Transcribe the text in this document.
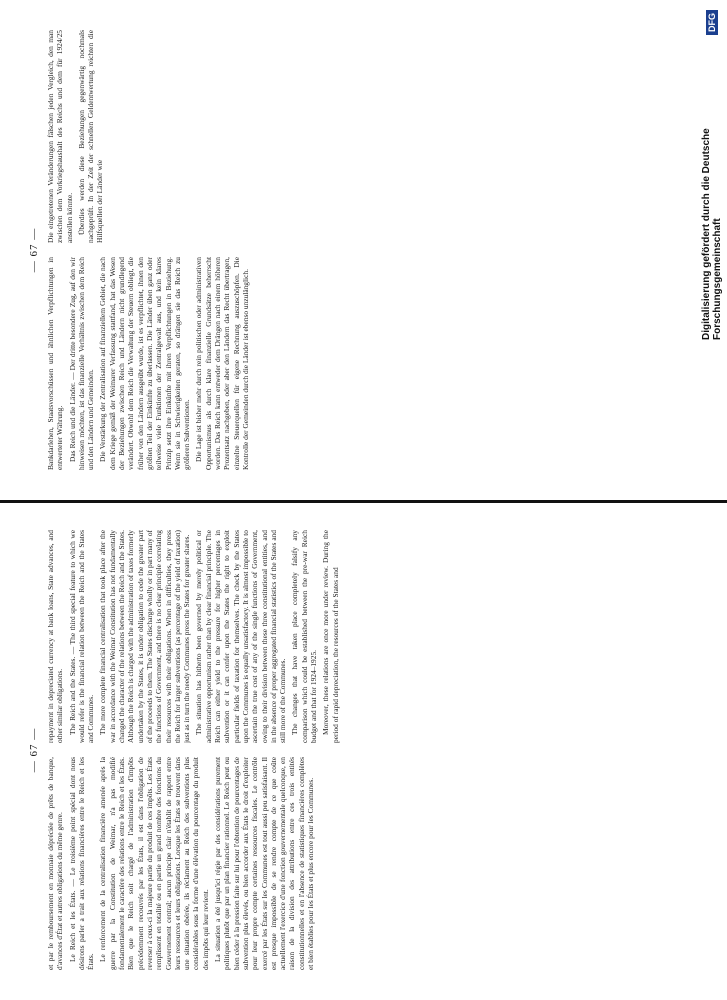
— 67 —

et par le remboursement en monnaie dépréciée de prêts de banque, d'avances d'État et autres obligations du même genre. Le Reich et les États. — Le troisième point spécial dont nous désirons parler a trait aux relations financières entre le Reich et les États. Le renforcement de la centralisation financière amenée après la guerre par la Constitution de Weimar, n'a pas modifié fondamentalement le caractère des relations entre le Reich et les États. Bien que le Reich soit chargé de l'administration d'impôts précédemment recouvrés par les États, il est dans l'obligation de reverser à ceux-ci la majeure partie du produit de ces impôts. Les États remplissent en totalité ou en partie un grand nombre des fonctions du Gouvernement central; aucun principe clair n'établit de rapport entre leurs ressources et leurs obligations. Lorsque les États se trouvent dans une situation obérée, ils réclament au Reich des subventions plus considérables sous la forme d'une élévation du pourcentage du produit des impôts qui leur revient. La situation a été jusqu'ici régie par des considérations purement politiques plutôt que par un plan financier rationnel. Le Reich peut ou bien céder à la pression faite sur lui pour l'obtention de pourcentages de subvention plus élevés, ou bien accorder aux États le droit d'exploiter pour leur propre compte certaines ressources fiscales. Le contrôle exercé par les États sur les Communes est tout aussi peu satisfaisant. Il est presque impossible de se rendre compte de ce que coûte actuellement l'exercice d'une fonction gouvernementale quelconque, en raison de la division des attributions entre ces trois entités constitutionnelles et en l'absence de statistiques financières complètes et bien établies pour les États et plus encore pour les Communes.

repayment in depreciated currency at bank loans, State advances, and other similar obligations. The Reich and the States. — The third special feature to which we would refer is the financial relation between the Reich and the States and Communes. The more complete financial centralisation that took place after the war in accordance with the Weimar Constitution has not fundamentally changed the character of the relations between the Reich and the States. Although the Reich is charged with the administration of taxes formerly undertaken by the States, it is under obligation to cede the greater part of the proceeds to them. The States discharge wholly or in part many of the functions of Government, and there is no clear principle correlating their resources with their obligations. When in difficulties, they press the Reich for larger subventions (as percentage of the yield of taxation) just as in turn the needy Communes press the States for greater shares. The situation has hitherto been governed by merely political or administrative opportunism rather than by clear financial principle. The Reich can either yield to the pressure for higher percentages in subvention or it can confer upon the States the right to exploit particular fields of taxation for themselves. The check by the States upon the Communes is equally unsatisfactory. It is almost impossible to ascertain the true cost of any of the single functions of Government, owing to their division between these three constitutional entities, and in the absence of proper aggregated financial statistics of the States and still more of the Communes. The changes that have taken place completely falsify any comparison which could be established between the pre-war Reich budget and that for 1924–1925. Moreover, these relations are once more under review. During the period of rapid depreciation, the resources of the States and

— 67 —

Bankdarlehen, Staatsvorschüssen und ähnlichen Verpflichtungen in entwerteter Währung. Das Reich und die Länder. — Der dritte besondere Zug, auf den wir hinweisen möchten, ist das finanzielle Verhältnis zwischen dem Reich und den Ländern und Gemeinden. Die Verstärkung der Zentralisation auf finanziellem Gebiet, die nach dem Kriege gemäß der Weimarer Verfassung stattfand, hat das Wesen der Beziehungen zwischen Reich und Ländern nicht grundlegend verändert. Obwohl dem Reich die Verwaltung der Steuern obliegt, die früher von den Ländern ausgeübt wurde, ist es verpflichtet, ihnen den größten Teil der Einkünfte zu überlassen. Die Länder üben ganz oder teilweise viele Funktionen der Zentralgewalt aus, und kein klares Prinzip setzt ihre Einkünfte mit ihren Verpflichtungen in Beziehung. Wenn sie in Schwierigkeiten geraten, so drängen sie das Reich zu größeren Subventionen. Die Lage ist bisher mehr durch rein politischen oder administrativen Opportunismus als durch klare finanzielle Grundsätze beherrscht worden. Das Reich kann entweder dem Drängen nach einem höheren Prozentsatz nachgeben, oder aber den Ländern das Recht übertragen, einzelne Steuerquellen für eigene Rechnung auszuschöpfen. Die Kontrolle der Gemeinden durch die Länder ist ebenso unzulänglich.

Die eingetretenen Veränderungen fälschen jeden Vergleich, den man zwischen dem Vorkriegshaushalt des Reichs und dem für 1924/25 anstellen könnte. Überdies werden diese Beziehungen gegenwärtig nochmals nachgeprüft. In der Zeit der schnellen Geldentwertung reichten die Hilfsquellen der Länder wie	Digitalisierung gefördert durch die Deutsche Forschungsgemeinschaft
DFG
